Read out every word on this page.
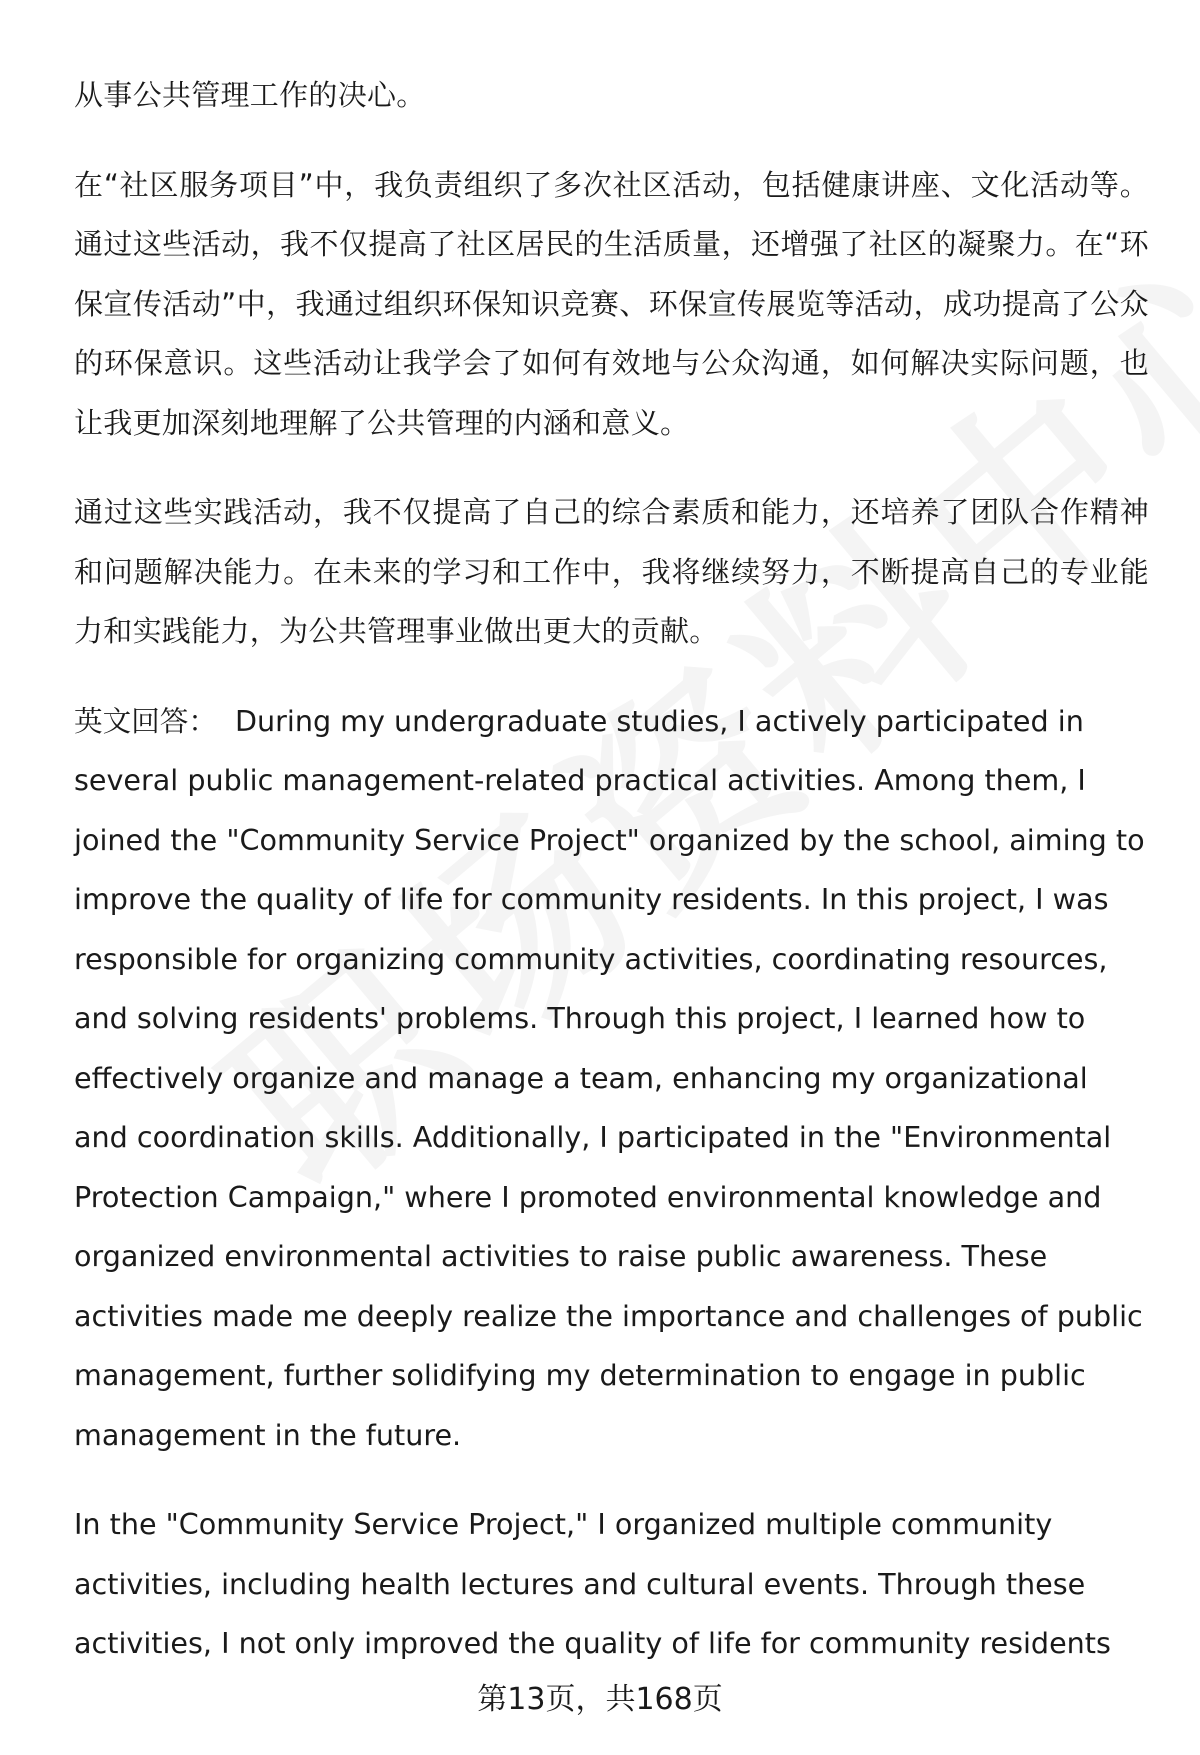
从事公共管理工作的决心。

在“社区服务项目”中，我负责组织了多次社区活动，包括健康讲座、文化活动等。通过这些活动，我不仅提高了社区居民的生活质量，还增强了社区的凝聚力。在“环保宣传活动”中，我通过组织环保知识竞赛、环保宣传展览等活动，成功提高了公众的环保意识。这些活动让我学会了如何有效地与公众沟通，如何解决实际问题，也让我更加深刻地理解了公共管理的内涵和意义。

通过这些实践活动，我不仅提高了自己的综合素质和能力，还培养了团队合作精神和问题解决能力。在未来的学习和工作中，我将继续努力，不断提高自己的专业能力和实践能力，为公共管理事业做出更大的贡献。

英文回答： During my undergraduate studies, I actively participated in several public management-related practical activities. Among them, I joined the "Community Service Project" organized by the school, aiming to improve the quality of life for community residents. In this project, I was responsible for organizing community activities, coordinating resources, and solving residents' problems. Through this project, I learned how to effectively organize and manage a team, enhancing my organizational and coordination skills. Additionally, I participated in the "Environmental Protection Campaign," where I promoted environmental knowledge and organized environmental activities to raise public awareness. These activities made me deeply realize the importance and challenges of public management, further solidifying my determination to engage in public management in the future.

In the "Community Service Project," I organized multiple community activities, including health lectures and cultural events. Through these activities, I not only improved the quality of life for community residents

第13页，共168页
